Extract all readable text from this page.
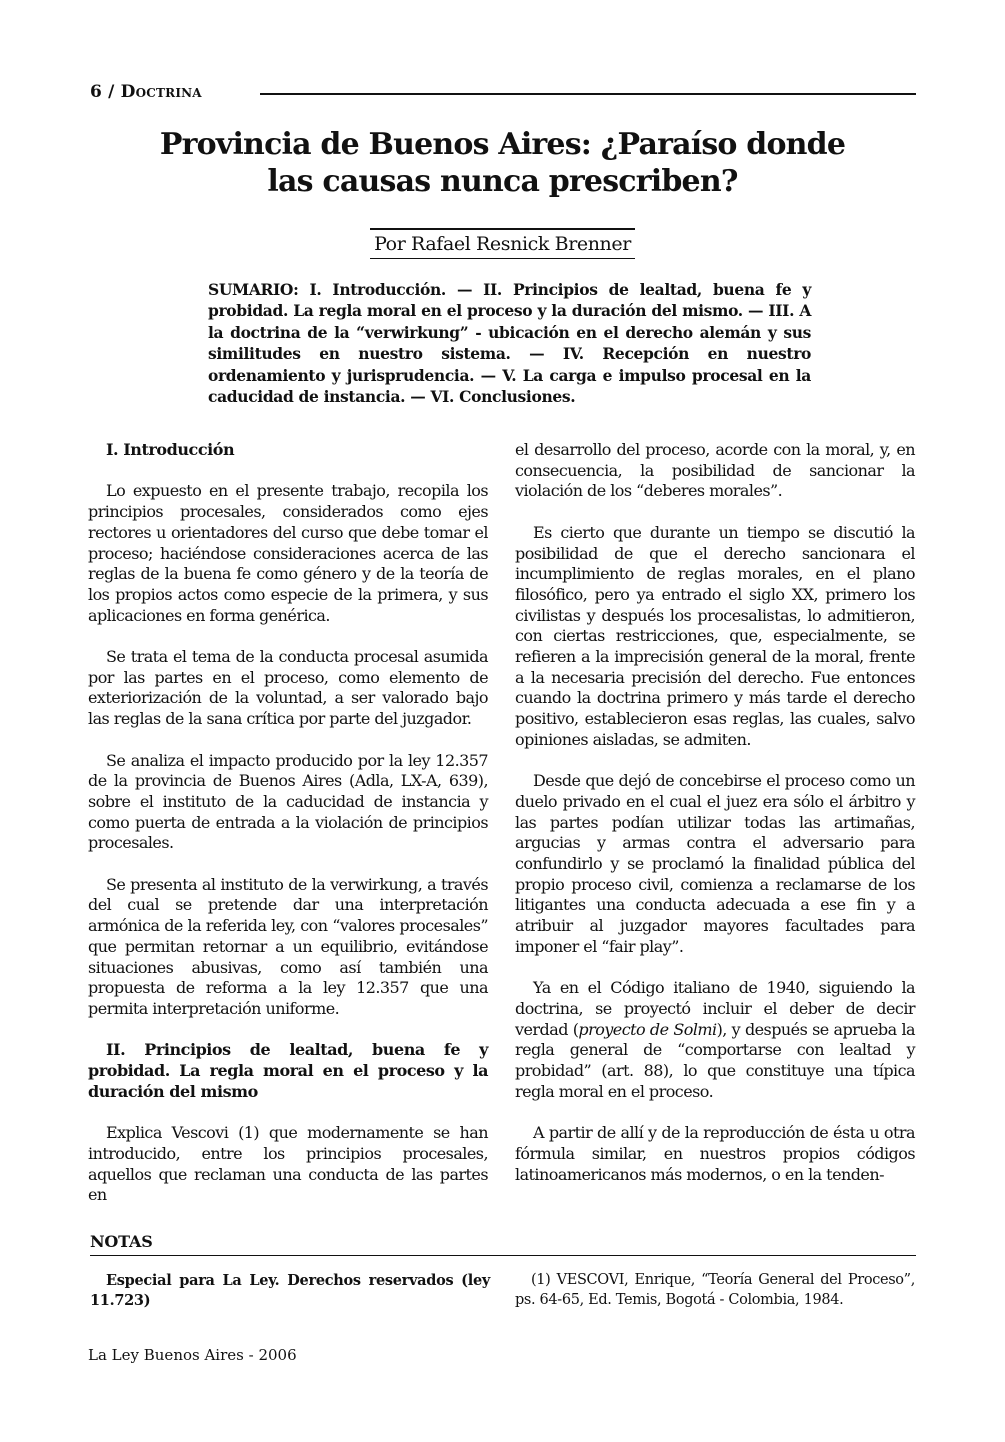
6 / Doctrina
Provincia de Buenos Aires: ¿Paraíso donde las causas nunca prescriben?
Por Rafael Resnick Brenner
SUMARIO: I. Introducción. — II. Principios de lealtad, buena fe y probidad. La regla moral en el proceso y la duración del mismo. — III. A la doctrina de la “verwirkung” - ubicación en el derecho alemán y sus similitudes en nuestro sistema. — IV. Recepción en nuestro ordenamiento y jurisprudencia. — V. La carga e impulso procesal en la caducidad de instancia. — VI. Conclusiones.
I. Introducción

Lo expuesto en el presente trabajo, recopila los principios procesales, considerados como ejes rectores u orientadores del curso que debe tomar el proceso; haciéndose consideraciones acerca de las reglas de la buena fe como género y de la teoría de los propios actos como especie de la primera, y sus aplicaciones en forma genérica.

Se trata el tema de la conducta procesal asumida por las partes en el proceso, como elemento de exteriorización de la voluntad, a ser valorado bajo las reglas de la sana crítica por parte del juzgador.

Se analiza el impacto producido por la ley 12.357 de la provincia de Buenos Aires (Adla, LX-A, 639), sobre el instituto de la caducidad de instancia y como puerta de entrada a la violación de principios procesales.

Se presenta al instituto de la verwirkung, a través del cual se pretende dar una interpretación armónica de la referida ley, con “valores procesales” que permitan retornar a un equilibrio, evitándose situaciones abusivas, como así también una propuesta de reforma a la ley 12.357 que una permita interpretación uniforme.

II. Principios de lealtad, buena fe y probidad. La regla moral en el proceso y la duración del mismo

Explica Vescovi (1) que modernamente se han introducido, entre los principios procesales, aquellos que reclaman una conducta de las partes en

el desarrollo del proceso, acorde con la moral, y, en consecuencia, la posibilidad de sancionar la violación de los “deberes morales”.

Es cierto que durante un tiempo se discutió la posibilidad de que el derecho sancionara el incumplimiento de reglas morales, en el plano filosófico, pero ya entrado el siglo XX, primero los civilistas y después los procesalistas, lo admitieron, con ciertas restricciones, que, especialmente, se refieren a la imprecisión general de la moral, frente a la necesaria precisión del derecho. Fue entonces cuando la doctrina primero y más tarde el derecho positivo, establecieron esas reglas, las cuales, salvo opiniones aisladas, se admiten.

Desde que dejó de concebirse el proceso como un duelo privado en el cual el juez era sólo el árbitro y las partes podían utilizar todas las artimañas, argucias y armas contra el adversario para confundirlo y se proclamó la finalidad pública del propio proceso civil, comienza a reclamarse de los litigantes una conducta adecuada a ese fin y a atribuir al juzgador mayores facultades para imponer el “fair play”.

Ya en el Código italiano de 1940, siguiendo la doctrina, se proyectó incluir el deber de decir verdad (proyecto de Solmi), y después se aprueba la regla general de “comportarse con lealtad y probidad” (art. 88), lo que constituye una típica regla moral en el proceso.

A partir de allí y de la reproducción de ésta u otra fórmula similar, en nuestros propios códigos latinoamericanos más modernos, o en la tenden-

NOTAS
Especial para La Ley. Derechos reservados (ley 11.723)
(1) VESCOVI, Enrique, “Teoría General del Proceso”, ps. 64-65, Ed. Temis, Bogotá - Colombia, 1984.
La Ley Buenos Aires - 2006
